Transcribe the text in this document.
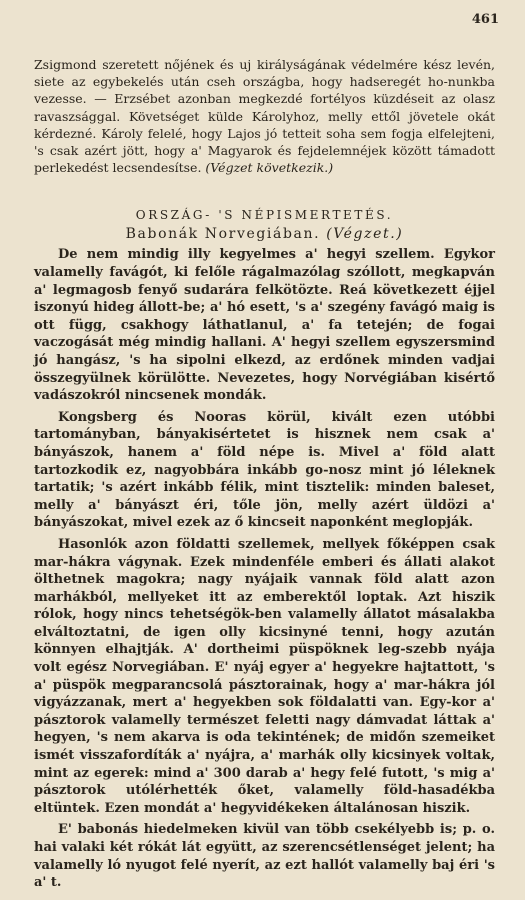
461

Zsigmond szeretett nőjének és uj királyságának védelmére kész levén, siete az egybekelés után cseh országba, hogy hadseregét ho-nunkba vezesse. — Erzsébet azonban megkezdé fortélyos küzdéseit az olasz ravaszsággal. Követséget külde Károlyhoz, melly ettől jövetele okát kérdezné. Károly felelé, hogy Lajos jó tetteit soha sem fogja elfelejteni, 's csak azért jött, hogy a' Magyarok és fejdelemnéjek között támadott perlekedést lecsendesítse. (Végzet következik.)

ORSZÁG- 'S NÉPISMERTETÉS.
Babonák Norvegiában. (Végzet.)

De nem mindig illy kegyelmes a' hegyi szellem. Egykor valamelly favágót, ki felőle rágalmazólag szóllott, megkapván a' legmagosb fenyő sudarára felkötözte. Reá következett éjjel iszonyú hideg állott-be; a' hó esett, 's a' szegény favágó maig is ott függ, csakhogy láthatlanul, a' fa tetején; de fogai vaczogását még mindig hallani. A' hegyi szellem egyszersmind jó hangász, 's ha sipolni elkezd, az erdőnek minden vadjai összegyülnek körülötte. Nevezetes, hogy Norvégiában kisértő vadászokról nincsenek mondák.

Kongsberg és Nooras körül, kivált ezen utóbbi tartományban, bányakisértetet is hisznek nem csak a' bányászok, hanem a' föld népe is. Mivel a' föld alatt tartozkodik ez, nagyobbára inkább go-nosz mint jó léleknek tartatik; 's azért inkább félik, mint tisztelik: minden baleset, melly a' bányászt éri, tőle jön, melly azért üldözi a' bányászokat, mivel ezek az ő kincseit naponként meglopják.

Hasonlók azon földatti szellemek, mellyek főképpen csak mar-hákra vágynak. Ezek mindenféle emberi és állati alakot ölthetnek magokra; nagy nyájaik vannak föld alatt azon marhákból, mellyeket itt az emberektől loptak. Azt hiszik rólok, hogy nincs tehetségök-ben valamelly állatot másalakba elváltoztatni, de igen olly kicsinyné tenni, hogy azután könnyen elhajtják. A' dortheimi püspöknek leg-szebb nyája volt egész Norvegiában. E' nyáj egyer a' hegyekre hajtattott, 's a' püspök megparancsolá pásztorainak, hogy a' mar-hákra jól vigyázzanak, mert a' hegyekben sok földalatti van. Egy-kor a' pásztorok valamelly természet feletti nagy dámvadat láttak a' hegyen, 's nem akarva is oda tekintének; de midőn szemeiket ismét visszafordíták a' nyájra, a' marhák olly kicsinyek voltak, mint az egerek: mind a' 300 darab a' hegy felé futott, 's mig a' pásztorok utólérhették őket, valamelly föld-hasadékba eltüntek. Ezen mondát a' hegyvidékeken általánosan hiszik.

E' babonás hiedelmeken kivül van több csekélyebb is; p. o. hai valaki két rókát lát együtt, az szerencsétlenséget jelent; ha valamelly ló nyugot felé nyerít, az ezt hallót valamelly baj éri 's a' t.
